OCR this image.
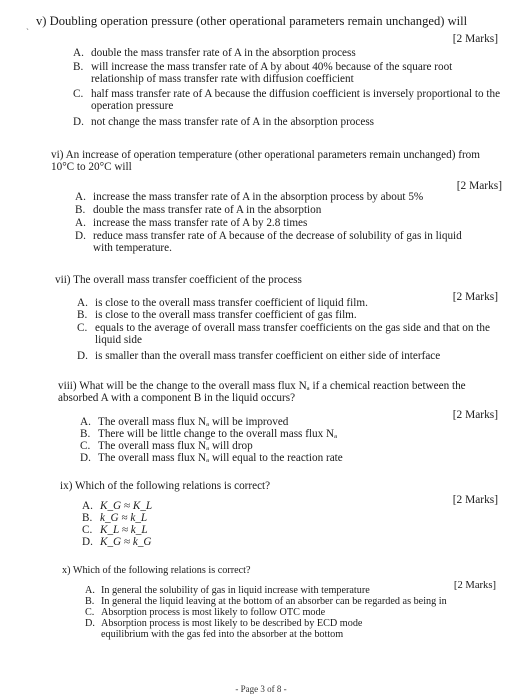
`
v) Doubling operation pressure (other operational parameters remain unchanged) will
[2 Marks]
A. double the mass transfer rate of A in the absorption process
B. will increase the mass transfer rate of A by about 40% because of the square root relationship of mass transfer rate with diffusion coefficient
C. half mass transfer rate of A because the diffusion coefficient is inversely proportional to the operation pressure
D. not change the mass transfer rate of A in the absorption process
vi) An increase of operation temperature (other operational parameters remain unchanged) from 10°C to 20°C will
[2 Marks]
A. increase the mass transfer rate of A in the absorption process by about 5%
B. double the mass transfer rate of A in the absorption
A. increase the mass transfer rate of A by 2.8 times
D. reduce mass transfer rate of A because of the decrease of solubility of gas in liquid with temperature.
vii) The overall mass transfer coefficient of the process
[2 Marks]
A. is close to the overall mass transfer coefficient of liquid film.
B. is close to the overall mass transfer coefficient of gas film.
C. equals to the average of overall mass transfer coefficients on the gas side and that on the liquid side
D. is smaller than the overall mass transfer coefficient on either side of interface
viii) What will be the change to the overall mass flux Nₐ if a chemical reaction between the absorbed A with a component B in the liquid occurs?
[2 Marks]
A. The overall mass flux Nₐ will be improved
B. There will be little change to the overall mass flux Nₐ
C. The overall mass flux Nₐ will drop
D. The overall mass flux Nₐ will equal to the reaction rate
ix) Which of the following relations is correct?
[2 Marks]
A. K_G ≈ K_L
B. k_G ≈ k_L
C. K_L ≈ k_L
D. K_G ≈ k_G
x) Which of the following relations is correct?
[2 Marks]
A. In general the solubility of gas in liquid increase with temperature
B. In general the liquid leaving at the bottom of an absorber can be regarded as being in
C. Absorption process is most likely to follow OTC mode
D. Absorption process is most likely to be described by ECD mode equilibrium with the gas fed into the absorber at the bottom
- Page 3 of 8 -
